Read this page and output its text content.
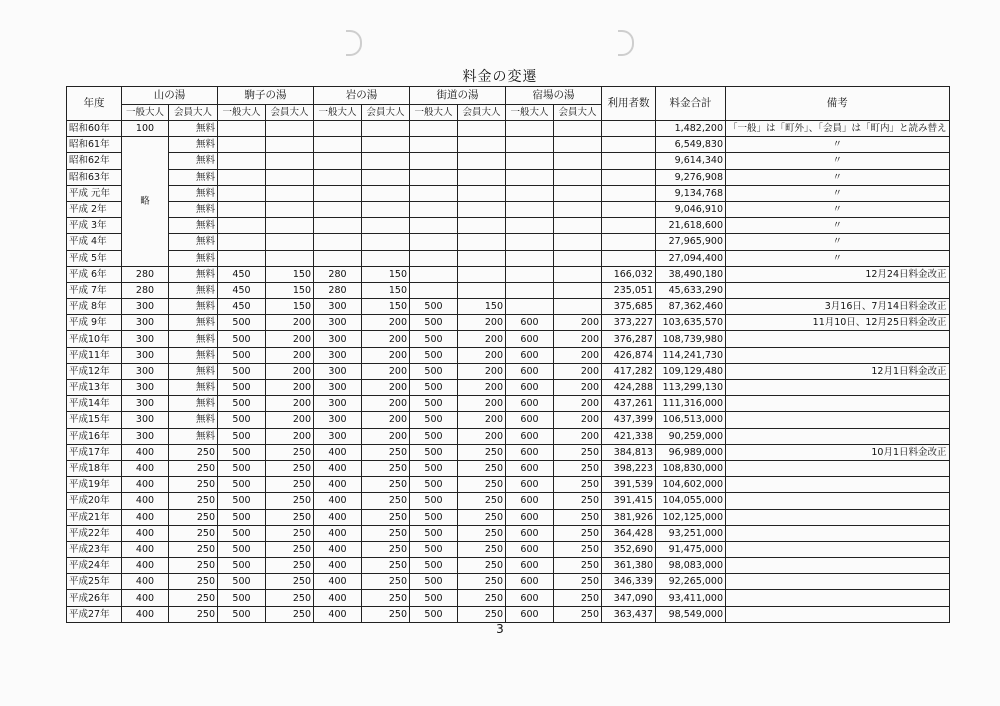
料金の変遷
年度	山の湯		駒子の湯		岩の湯		街道の湯		宿場の湯		利用者数	料金合計	備考
	一般大人	会員大人	一般大人	会員大人	一般大人	会員大人	一般大人	会員大人	一般大人	会員大人			
昭和60年	100	無料										1,482,200	「一般」は「町外」、「会員」は「町内」と読み替え
昭和61年	略	無料										6,549,830	〃
昭和62年		無料										9,614,340	〃
昭和63年		無料										9,276,908	〃
平成 元年		無料										9,134,768	〃
平成 2年		無料										9,046,910	〃
平成 3年		無料										21,618,600	〃
平成 4年		無料										27,965,900	〃
平成 5年		無料										27,094,400	〃
平成 6年	280	無料	450	150	280	150					166,032	38,490,180	12月24日料金改正
平成 7年	280	無料	450	150	280	150					235,051	45,633,290	
平成 8年	300	無料	450	150	300	150	500	150			375,685	87,362,460	3月16日、7月14日料金改正
平成 9年	300	無料	500	200	300	200	500	200	600	200	373,227	103,635,570	11月10日、12月25日料金改正
平成10年	300	無料	500	200	300	200	500	200	600	200	376,287	108,739,980	
平成11年	300	無料	500	200	300	200	500	200	600	200	426,874	114,241,730	
平成12年	300	無料	500	200	300	200	500	200	600	200	417,282	109,129,480	12月1日料金改正
平成13年	300	無料	500	200	300	200	500	200	600	200	424,288	113,299,130	
平成14年	300	無料	500	200	300	200	500	200	600	200	437,261	111,316,000	
平成15年	300	無料	500	200	300	200	500	200	600	200	437,399	106,513,000	
平成16年	300	無料	500	200	300	200	500	200	600	200	421,338	90,259,000	
平成17年	400	250	500	250	400	250	500	250	600	250	384,813	96,989,000	10月1日料金改正
平成18年	400	250	500	250	400	250	500	250	600	250	398,223	108,830,000	
平成19年	400	250	500	250	400	250	500	250	600	250	391,539	104,602,000	
平成20年	400	250	500	250	400	250	500	250	600	250	391,415	104,055,000	
平成21年	400	250	500	250	400	250	500	250	600	250	381,926	102,125,000	
平成22年	400	250	500	250	400	250	500	250	600	250	364,428	93,251,000	
平成23年	400	250	500	250	400	250	500	250	600	250	352,690	91,475,000	
平成24年	400	250	500	250	400	250	500	250	600	250	361,380	98,083,000	
平成25年	400	250	500	250	400	250	500	250	600	250	346,339	92,265,000	
平成26年	400	250	500	250	400	250	500	250	600	250	347,090	93,411,000	
平成27年	400	250	500	250	400	250	500	250	600	250	363,437	98,549,000	
3
